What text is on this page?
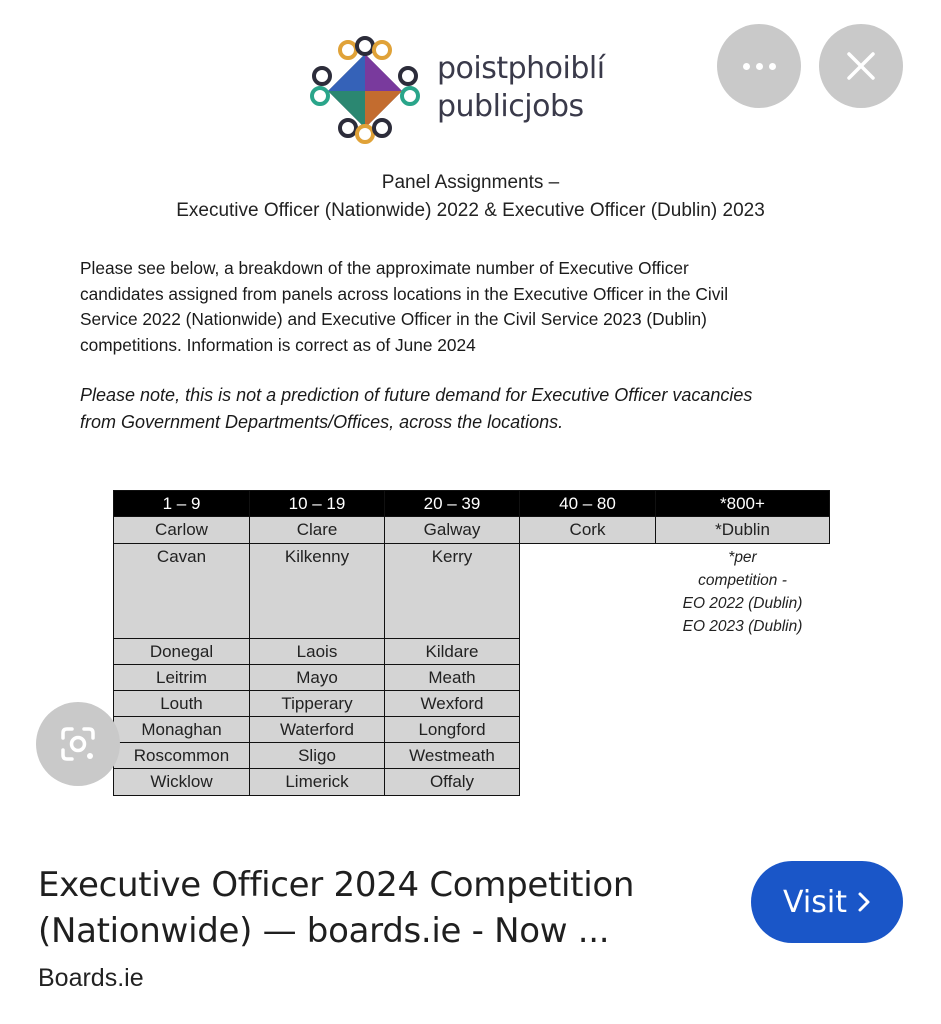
poistphoiblí
publicjobs
Panel Assignments –
Executive Officer (Nationwide) 2022 & Executive Officer (Dublin) 2023
Please see below, a breakdown of the approximate number of Executive Officer
candidates assigned from panels across locations in the Executive Officer in the Civil
Service 2022 (Nationwide) and Executive Officer in the Civil Service 2023 (Dublin)
competitions. Information is correct as of June 2024
Please note, this is not a prediction of future demand for Executive Officer vacancies
from Government Departments/Offices, across the locations.
1 – 9	10 – 19	20 – 39	40 – 80	*800+
Carlow	Clare	Galway	Cork	*Dublin
Cavan	Kilkenny	Kerry
Donegal	Laois	Kildare
Leitrim	Mayo	Meath
Louth	Tipperary	Wexford
Monaghan	Waterford	Longford
Roscommon	Sligo	Westmeath
Wicklow	Limerick	Offaly
*per
competition -
EO 2022 (Dublin)
EO 2023 (Dublin)
Executive Officer 2024 Competition
(Nationwide) — boards.ie - Now ...
Boards.ie
Visit
